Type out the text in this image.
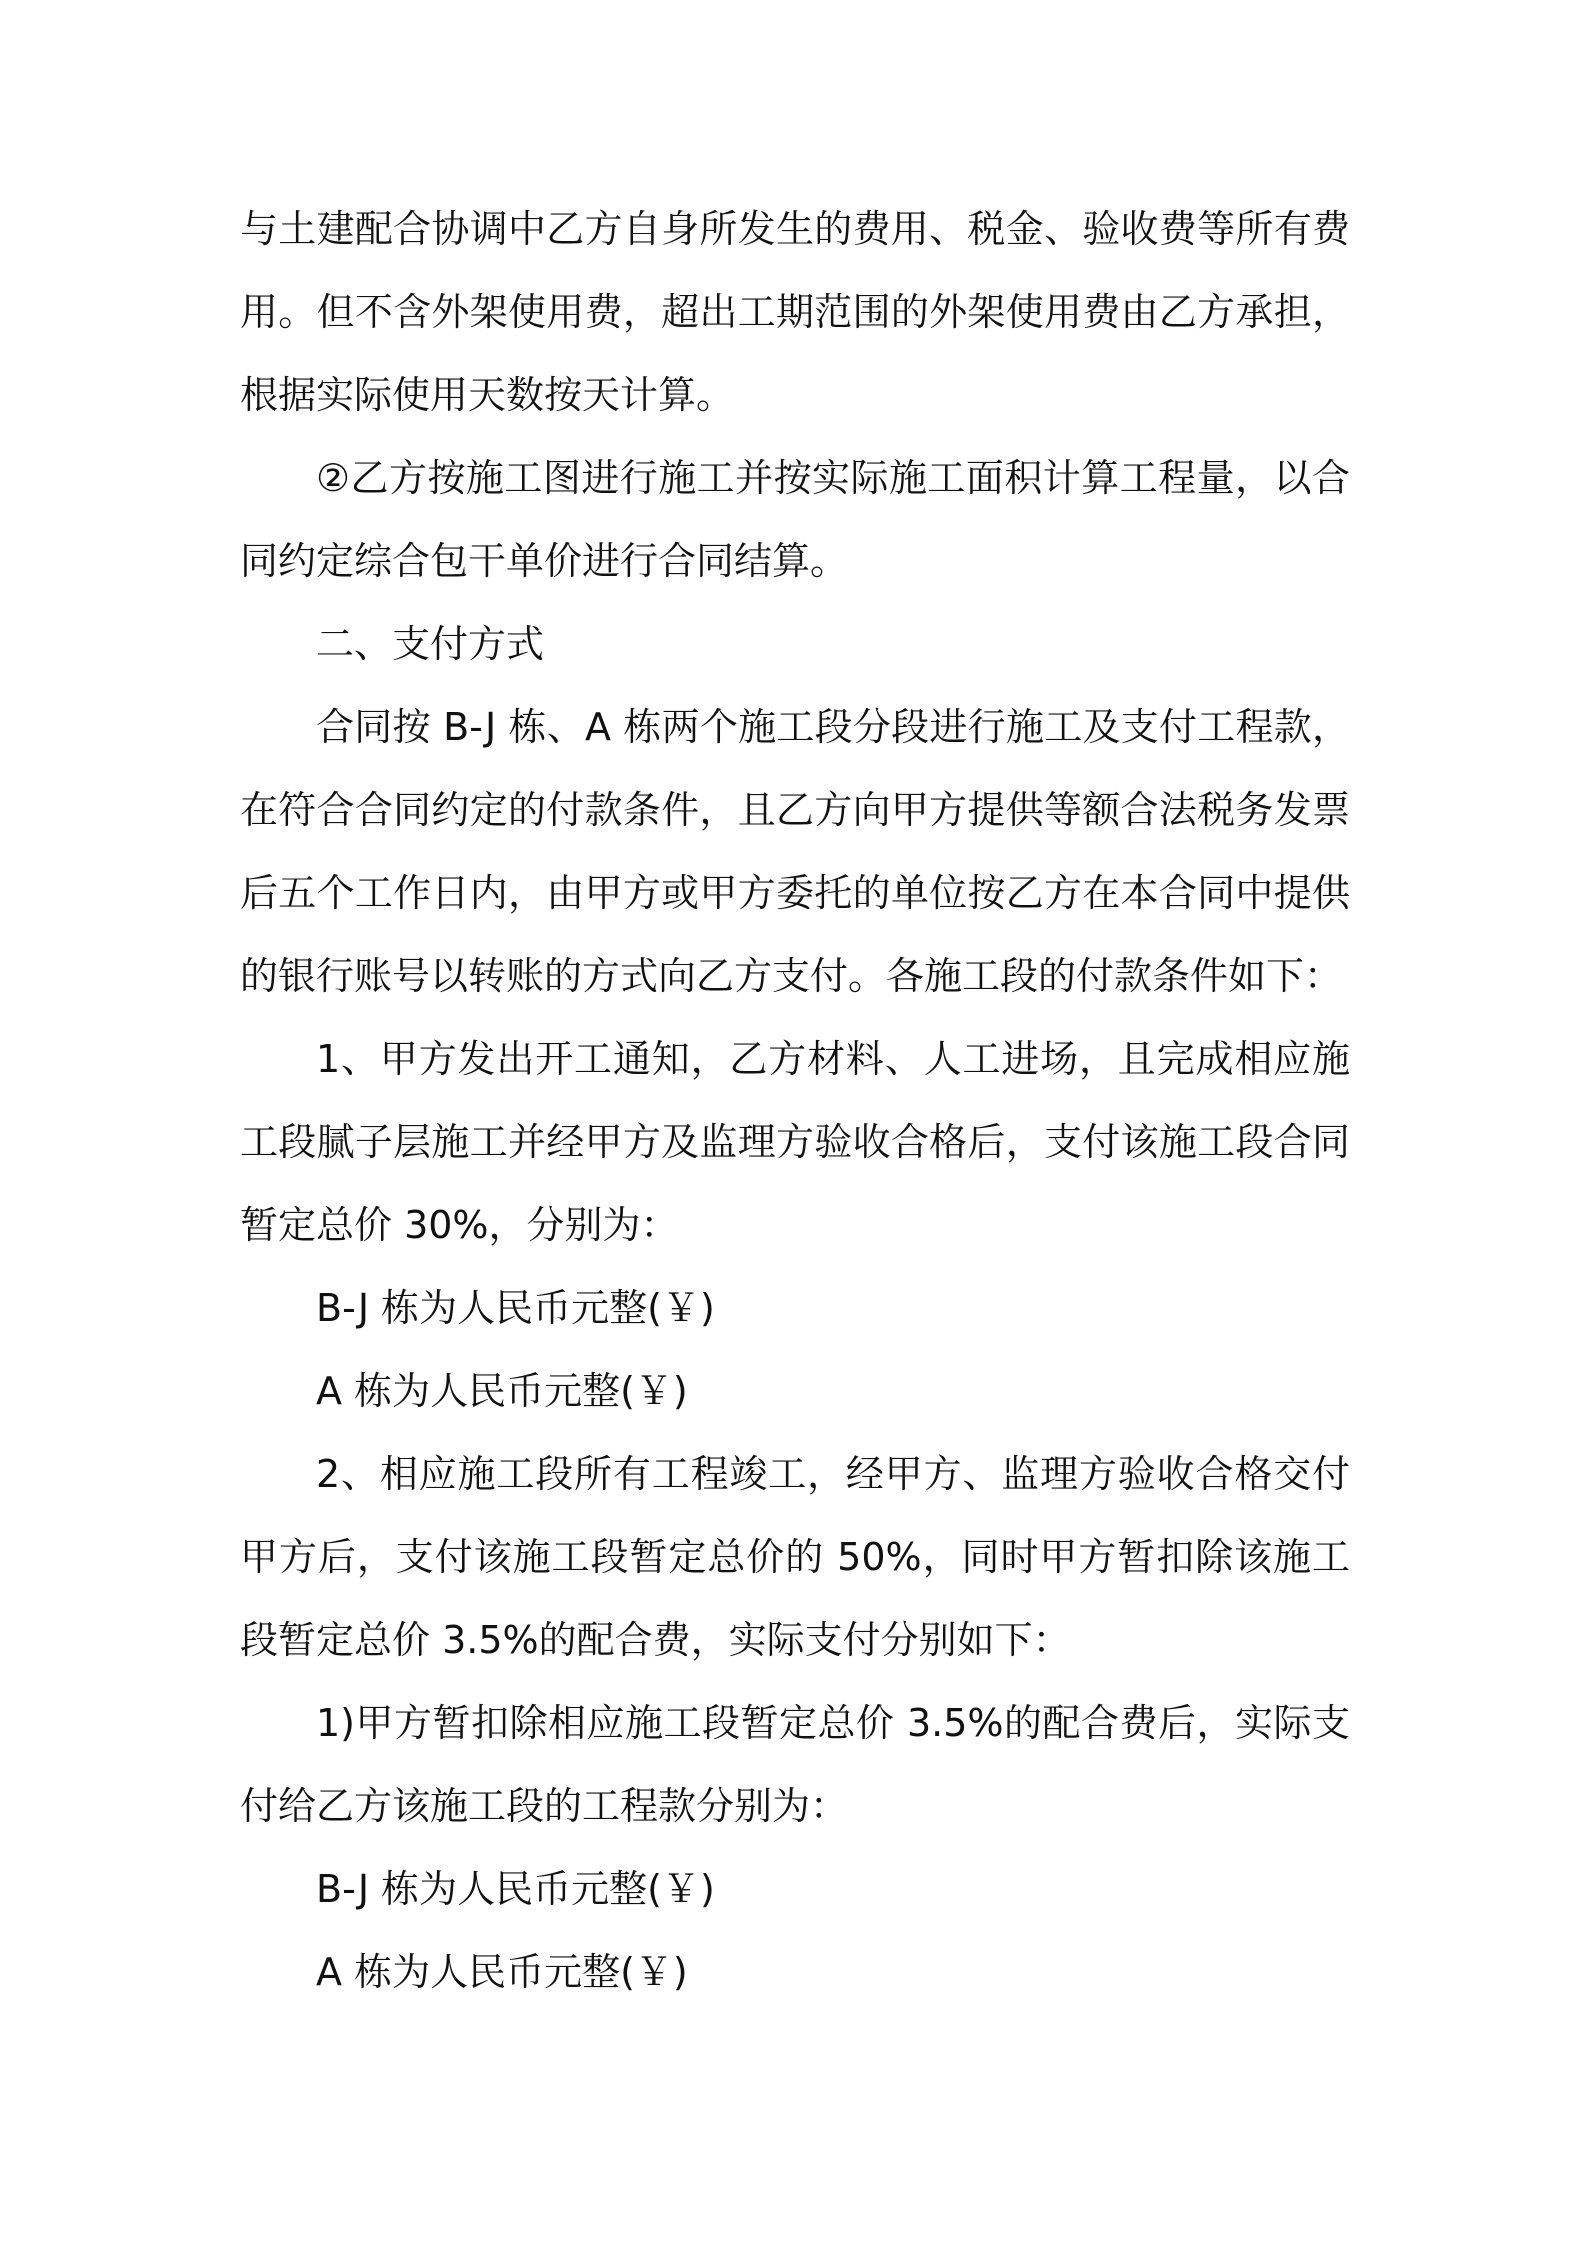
与土建配合协调中乙方自身所发生的费用、税金、验收费等所有费用。但不含外架使用费，超出工期范围的外架使用费由乙方承担，根据实际使用天数按天计算。

②乙方按施工图进行施工并按实际施工面积计算工程量，以合同约定综合包干单价进行合同结算。

二、支付方式

合同按 B-J 栋、A 栋两个施工段分段进行施工及支付工程款，在符合合同约定的付款条件，且乙方向甲方提供等额合法税务发票后五个工作日内，由甲方或甲方委托的单位按乙方在本合同中提供的银行账号以转账的方式向乙方支付。各施工段的付款条件如下：

1、甲方发出开工通知，乙方材料、人工进场，且完成相应施工段腻子层施工并经甲方及监理方验收合格后，支付该施工段合同暂定总价 30%，分别为：

B-J 栋为人民币元整(￥)

A 栋为人民币元整(￥)

2、相应施工段所有工程竣工，经甲方、监理方验收合格交付甲方后，支付该施工段暂定总价的 50%，同时甲方暂扣除该施工段暂定总价 3.5%的配合费，实际支付分别如下：

1)甲方暂扣除相应施工段暂定总价 3.5%的配合费后，实际支付给乙方该施工段的工程款分别为：

B-J 栋为人民币元整(￥)

A 栋为人民币元整(￥)
